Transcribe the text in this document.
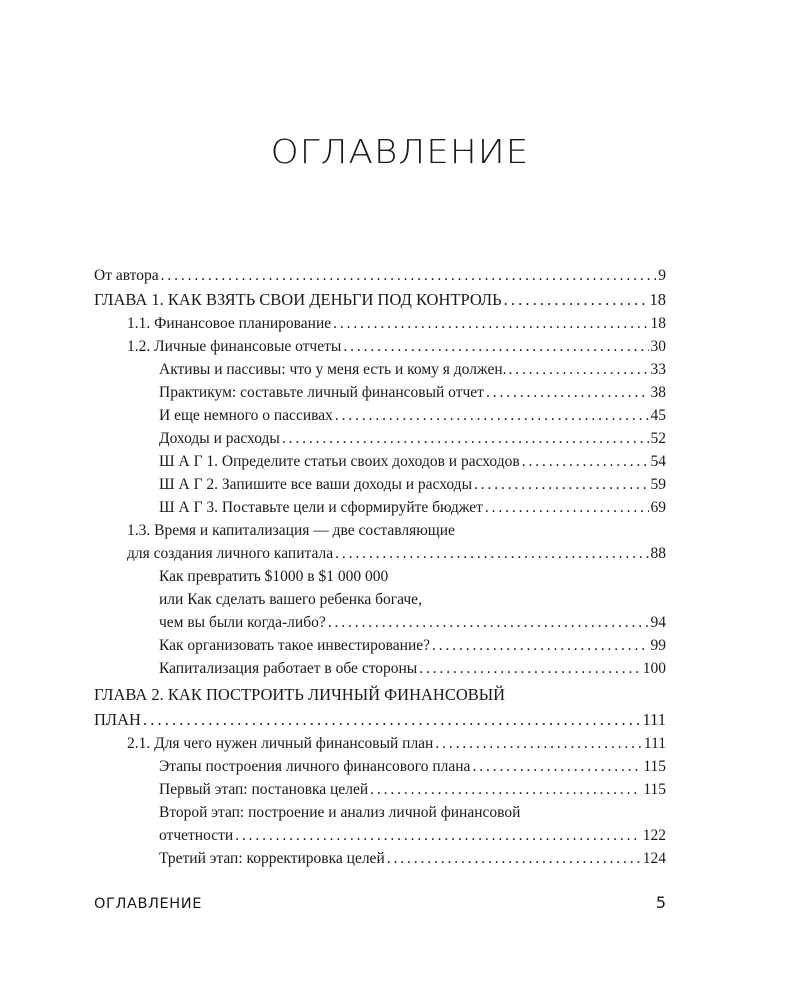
ОГЛАВЛЕНИЕ
От автора . . .	9
ГЛАВА 1. КАК ВЗЯТЬ СВОИ ДЕНЬГИ ПОД КОНТРОЛЬ . . .	18
1.1. Финансовое планирование . . .	18
1.2. Личные финансовые отчеты . . .	30
Активы и пассивы: что у меня есть и кому я должен. . . .	33
Практикум: составьте личный финансовый отчет . . .	38
И еще немного о пассивах . . .	45
Доходы и расходы . . .	52
Ш А Г 1. Определите статьи своих доходов и расходов . . .	54
Ш А Г 2. Запишите все ваши доходы и расходы . . .	59
Ш А Г 3. Поставьте цели и сформируйте бюджет . . .	69
1.3. Время и капитализация — две составляющие
для создания личного капитала . . .	88
Как превратить $1000 в $1 000 000
или Как сделать вашего ребенка богаче,
чем вы были когда-либо? . . .	94
Как организовать такое инвестирование? . . .	99
Капитализация работает в обе стороны . . .	100
ГЛАВА 2. КАК ПОСТРОИТЬ ЛИЧНЫЙ ФИНАНСОВЫЙ
ПЛАН . . .	111
2.1. Для чего нужен личный финансовый план . . .	111
Этапы построения личного финансового плана . . .	115
Первый этап: постановка целей . . .	115
Второй этап: построение и анализ личной финансовой
отчетности . . .	122
Третий этап: корректировка целей . . .	124
ОГЛАВЛЕНИЕ	5
